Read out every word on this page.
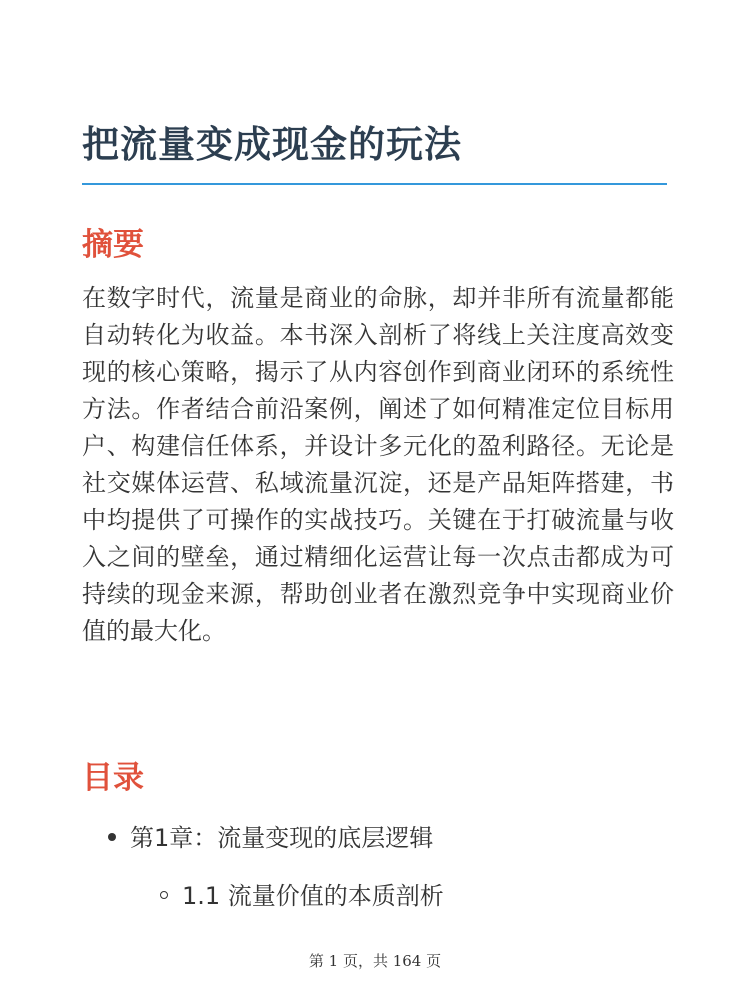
把流量变成现金的玩法
摘要

在数字时代，流量是商业的命脉，却并非所有流量都能自动转化为收益。本书深入剖析了将线上关注度高效变现的核心策略，揭示了从内容创作到商业闭环的系统性方法。作者结合前沿案例，阐述了如何精准定位目标用户、构建信任体系，并设计多元化的盈利路径。无论是社交媒体运营、私域流量沉淀，还是产品矩阵搭建，书中均提供了可操作的实战技巧。关键在于打破流量与收入之间的壁垒，通过精细化运营让每一次点击都成为可持续的现金来源，帮助创业者在激烈竞争中实现商业价值的最大化。

目录
第1章：流量变现的底层逻辑
1.1 流量价值的本质剖析
第 1 页，共 164 页
